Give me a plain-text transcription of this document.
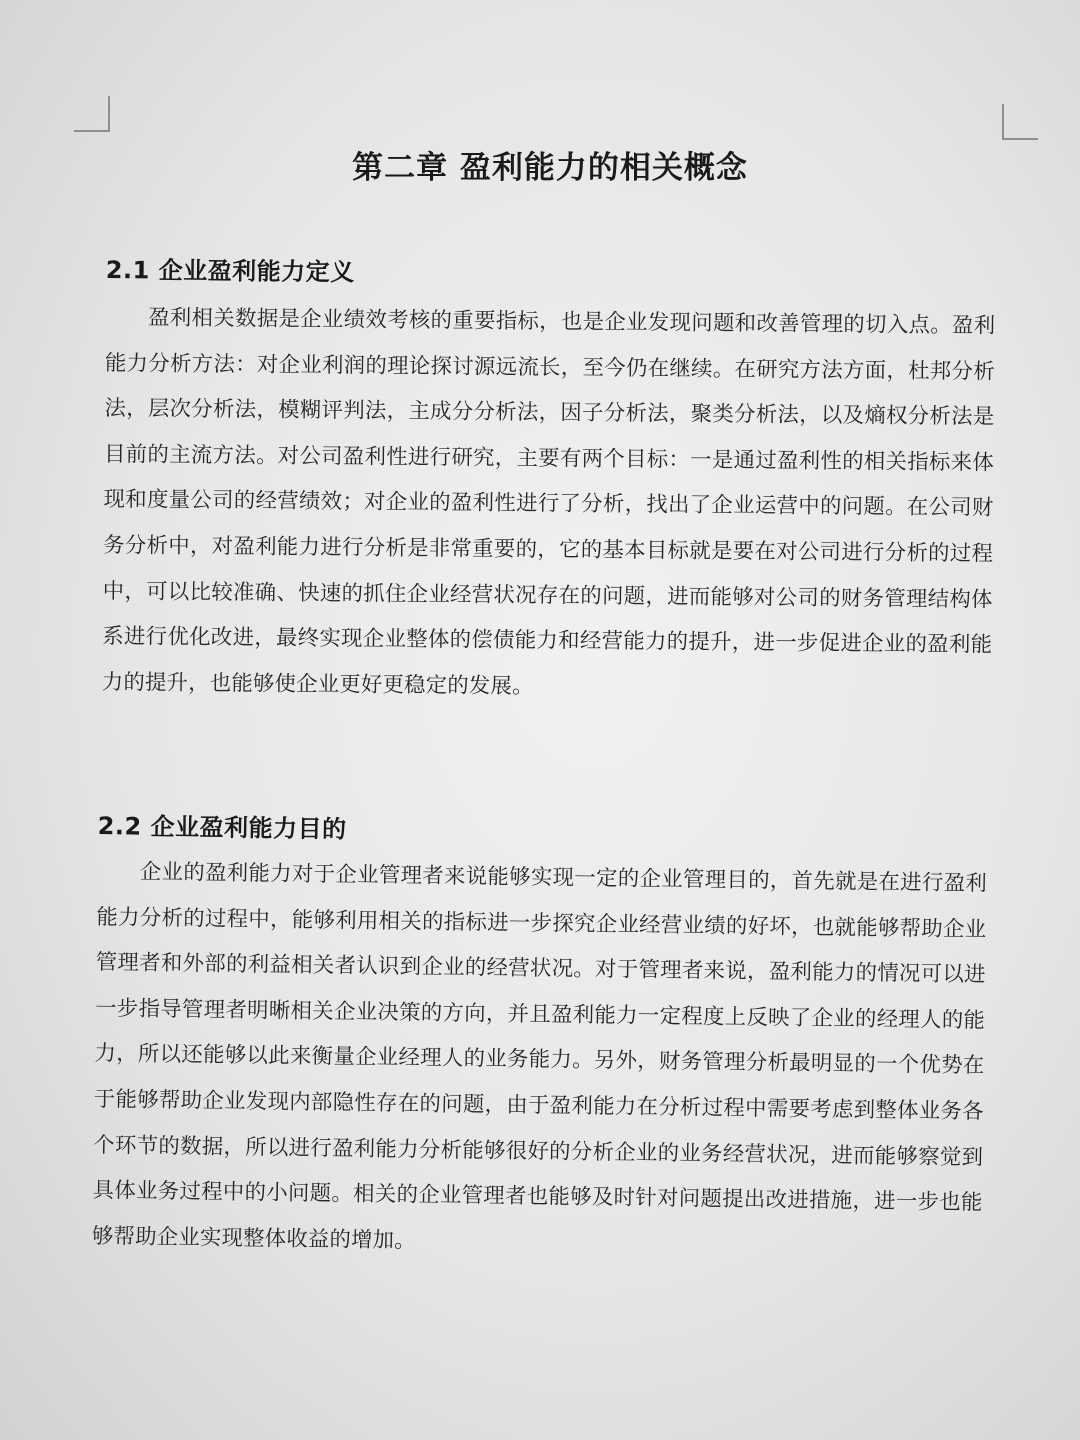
第二章 盈利能力的相关概念
2.1 企业盈利能力定义

盈利相关数据是企业绩效考核的重要指标，也是企业发现问题和改善管理的切入点。盈利能力分析方法：对企业利润的理论探讨源远流长，至今仍在继续。在研究方法方面，杜邦分析法，层次分析法，模糊评判法，主成分分析法，因子分析法，聚类分析法，以及熵权分析法是目前的主流方法。对公司盈利性进行研究，主要有两个目标：一是通过盈利性的相关指标来体现和度量公司的经营绩效；对企业的盈利性进行了分析，找出了企业运营中的问题。在公司财务分析中，对盈利能力进行分析是非常重要的，它的基本目标就是要在对公司进行分析的过程中，可以比较准确、快速的抓住企业经营状况存在的问题，进而能够对公司的财务管理结构体系进行优化改进，最终实现企业整体的偿债能力和经营能力的提升，进一步促进企业的盈利能力的提升，也能够使企业更好更稳定的发展。

2.2 企业盈利能力目的

企业的盈利能力对于企业管理者来说能够实现一定的企业管理目的，首先就是在进行盈利能力分析的过程中，能够利用相关的指标进一步探究企业经营业绩的好坏，也就能够帮助企业管理者和外部的利益相关者认识到企业的经营状况。对于管理者来说，盈利能力的情况可以进一步指导管理者明晰相关企业决策的方向，并且盈利能力一定程度上反映了企业的经理人的能力，所以还能够以此来衡量企业经理人的业务能力。另外，财务管理分析最明显的一个优势在于能够帮助企业发现内部隐性存在的问题，由于盈利能力在分析过程中需要考虑到整体业务各个环节的数据，所以进行盈利能力分析能够很好的分析企业的业务经营状况，进而能够察觉到具体业务过程中的小问题。相关的企业管理者也能够及时针对问题提出改进措施，进一步也能够帮助企业实现整体收益的增加。
